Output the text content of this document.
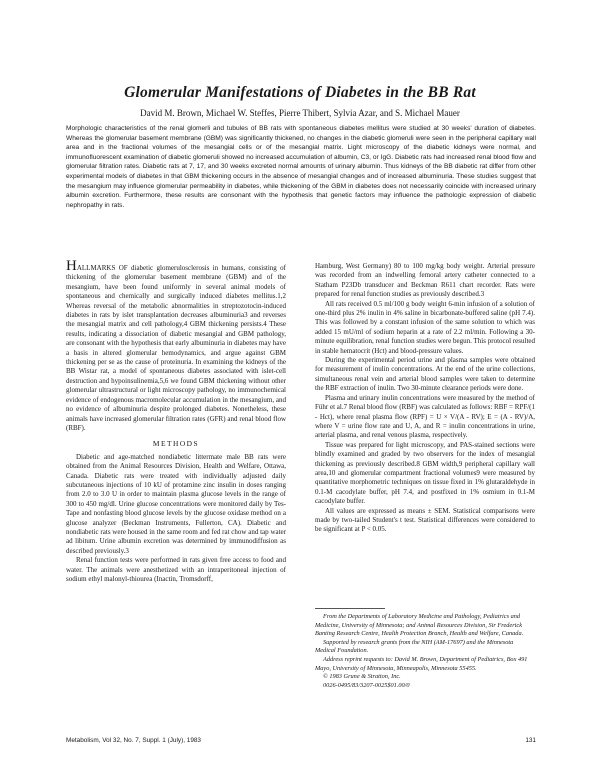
Glomerular Manifestations of Diabetes in the BB Rat
David M. Brown, Michael W. Steffes, Pierre Thibert, Sylvia Azar, and S. Michael Mauer

Morphologic characteristics of the renal glomerli and tubules of BB rats with spontaneous diabetes mellitus were studied at 30 weeks' duration of diabetes. Whereas the glomerular basement membrane (GBM) was significantly thickened, no changes in the diabetic glomeruli were seen in the peripheral capillary wall area and in the fractional volumes of the mesangial cells or of the mesangial matrix. Light microscopy of the diabetic kidneys were normal, and immunofluorescent examination of diabetic glomeruli showed no increased accumulation of albumin, C3, or IgG. Diabetic rats had increased renal blood flow and glomerular filtration rates. Diabetic rats at 7, 17, and 30 weeks excreted normal amounts of urinary albumin. Thus kidneys of the BB diabetic rat differ from other experimental models of diabetes in that GBM thickening occurs in the absence of mesangial changes and of increased albuminuria. These studies suggest that the mesangium may influence glomerular permeability in diabetes, while thickening of the GBM in diabetes does not necessarily coincide with increased urinary albumin excretion. Furthermore, these results are consonant with the hypothesis that genetic factors may influence the pathologic expression of diabetic nephropathy in rats.

HALLMARKS OF diabetic glomerulosclerosis in humans, consisting of thickening of the glomerular basement membrane (GBM) and of the mesangium, have been found uniformly in several animal models of spontaneous and chemically and surgically induced diabetes mellitus.1,2 Whereas reversal of the metabolic abnormalities in streptozotocin-induced diabetes in rats by islet transplantation decreases albuminuria3 and reverses the mesangial matrix and cell pathology,4 GBM thickening persists.4 These results, indicating a dissociation of diabetic mesangial and GBM pathology, are consonant with the hypothesis that early albuminuria in diabetes may have a basis in altered glomerular hemodynamics, and argue against GBM thickening per se as the cause of proteinuria. In examining the kidneys of the BB Wistar rat, a model of spontaneous diabetes associated with islet-cell destruction and hypoinsulinemia,5,6 we found GBM thickening without other glomerular ultrastructural or light microscopy pathology, no immunochemical evidence of endogenous macromolecular accumulation in the mesangium, and no evidence of albuminuria despite prolonged diabetes. Nonetheless, these animals have increased glomerular filtration rates (GFR) and renal blood flow (RBF).

METHODS

Diabetic and age-matched nondiabetic littermate male BB rats were obtained from the Animal Resources Division, Health and Welfare, Ottawa, Canada. Diabetic rats were treated with individually adjusted daily subcutaneous injections of 10 kU of protamine zinc insulin in doses ranging from 2.0 to 3.0 U in order to maintain plasma glucose levels in the range of 300 to 450 mg/dl. Urine glucose concentrations were monitored daily by Tes-Tape and nonfasting blood glucose levels by the glucose oxidase method on a glucose analyzer (Beckman Instruments, Fullerton, CA). Diabetic and nondiabetic rats were housed in the same room and fed rat chow and tap water ad libitum. Urine albumin excretion was determined by immunodiffusion as described previously.3

Renal function tests were performed in rats given free access to food and water. The animals were anesthetized with an intraperitoneal injection of sodium ethyl malonyl-thiourea (Inactin, Tromsdorff,

Hamburg, West Germany) 80 to 100 mg/kg body weight. Arterial pressure was recorded from an indwelling femoral artery catheter connected to a Statham P23Db transducer and Beckman R611 chart recorder. Rats were prepared for renal function studies as previously described.3

All rats received 0.5 ml/100 g body weight 6-min infusion of a solution of one-third plus 2% inulin in 4% saline in bicarbonate-buffered saline (pH 7.4). This was followed by a constant infusion of the same solution to which was added 15 mU/ml of sodium heparin at a rate of 2.2 ml/min. Following a 30-minute equilibration, renal function studies were begun. This protocol resulted in stable hematocrit (Hct) and blood-pressure values.

During the experimental period urine and plasma samples were obtained for measurement of inulin concentrations. At the end of the urine collections, simultaneous renal vein and arterial blood samples were taken to determine the RBF extraction of inulin. Two 30-minute clearance periods were done.

Plasma and urinary inulin concentrations were measured by the method of Führ et al.7 Renal blood flow (RBF) was calculated as follows: RBF = RPF/(1 - Hct), where renal plasma flow (RPF) = U × V/(A - RV); E = (A - RV)/A, where V = urine flow rate and U, A, and R = inulin concentrations in urine, arterial plasma, and renal venous plasma, respectively.

Tissue was prepared for light microscopy, and PAS-stained sections were blindly examined and graded by two observers for the index of mesangial thickening as previously described.8 GBM width,9 peripheral capillary wall area,10 and glomerular compartment fractional volumes9 were measured by quantitative morphometric techniques on tissue fixed in 1% glutaraldehyde in 0.1-M cacodylate buffer, pH 7.4, and postfixed in 1% osmium in 0.1-M cacodylate buffer.

All values are expressed as means ± SEM. Statistical comparisons were made by two-tailed Student's t test. Statistical differences were considered to be significant at P < 0.05.

From the Departments of Laboratory Medicine and Pathology, Pediatrics and Medicine, University of Minnesota; and Animal Resources Division, Sir Frederick Banting Research Centre, Health Protection Branch, Health and Welfare, Canada.

Supported by research grants from the NIH (AM-17697) and the Minnesota Medical Foundation.

Address reprint requests to: David M. Brown, Department of Pediatrics, Box 491 Mayo, University of Minnesota, Minneapolis, Minnesota 55455.

© 1983 Grune & Stratton, Inc.

0026-0495/83/3207-0025$01.00/0

Metabolism, Vol 32, No. 7, Suppl. 1 (July), 1983	131
